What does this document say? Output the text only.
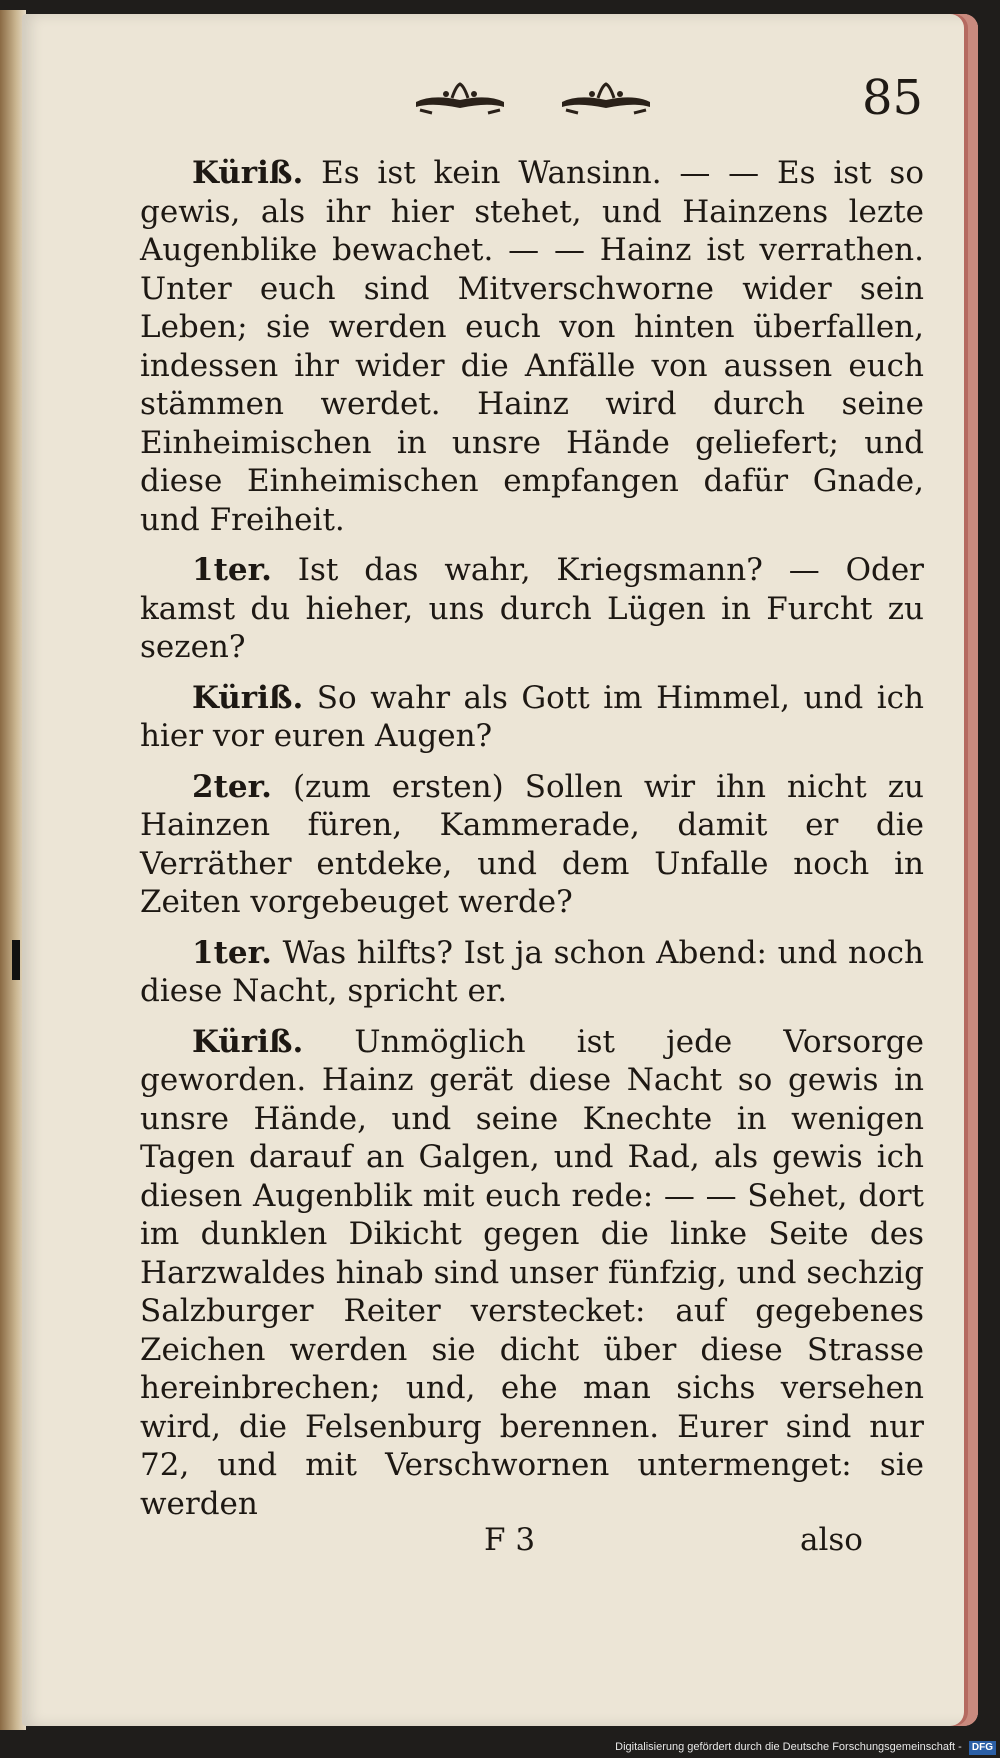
85

Küriß. Es ist kein Wansinn. — — Es ist so gewis, als ihr hier stehet, und Hainzens lezte Augenblike bewachet. — — Hainz ist verrathen. Unter euch sind Mitverschworne wider sein Leben; sie werden euch von hinten überfallen, indessen ihr wider die Anfälle von aussen euch stämmen werdet. Hainz wird durch seine Einheimischen in unsre Hände geliefert; und diese Einheimischen empfangen dafür Gnade, und Freiheit.

1ter. Ist das wahr, Kriegsmann? — Oder kamst du hieher, uns durch Lügen in Furcht zu sezen?

Küriß. So wahr als Gott im Himmel, und ich hier vor euren Augen?

2ter. (zum ersten) Sollen wir ihn nicht zu Hainzen füren, Kammerade, damit er die Verräther entdeke, und dem Unfalle noch in Zeiten vorgebeuget werde?

1ter. Was hilfts? Ist ja schon Abend: und noch diese Nacht, spricht er.

Küriß. Unmöglich ist jede Vorsorge geworden. Hainz gerät diese Nacht so gewis in unsre Hände, und seine Knechte in wenigen Tagen darauf an Galgen, und Rad, als gewis ich diesen Augenblik mit euch rede: — — Sehet, dort im dunklen Dikicht gegen die linke Seite des Harzwaldes hinab sind unser fünfzig, und sechzig Salzburger Reiter verstecket: auf gegebenes Zeichen werden sie dicht über diese Strasse hereinbrechen; und, ehe man sichs versehen wird, die Felsenburg berennen. Eurer sind nur 72, und mit Verschwornen untermenget: sie werden

F 3	also
Digitalisierung gefördert durch die Deutsche Forschungsgemeinschaft - DFG
